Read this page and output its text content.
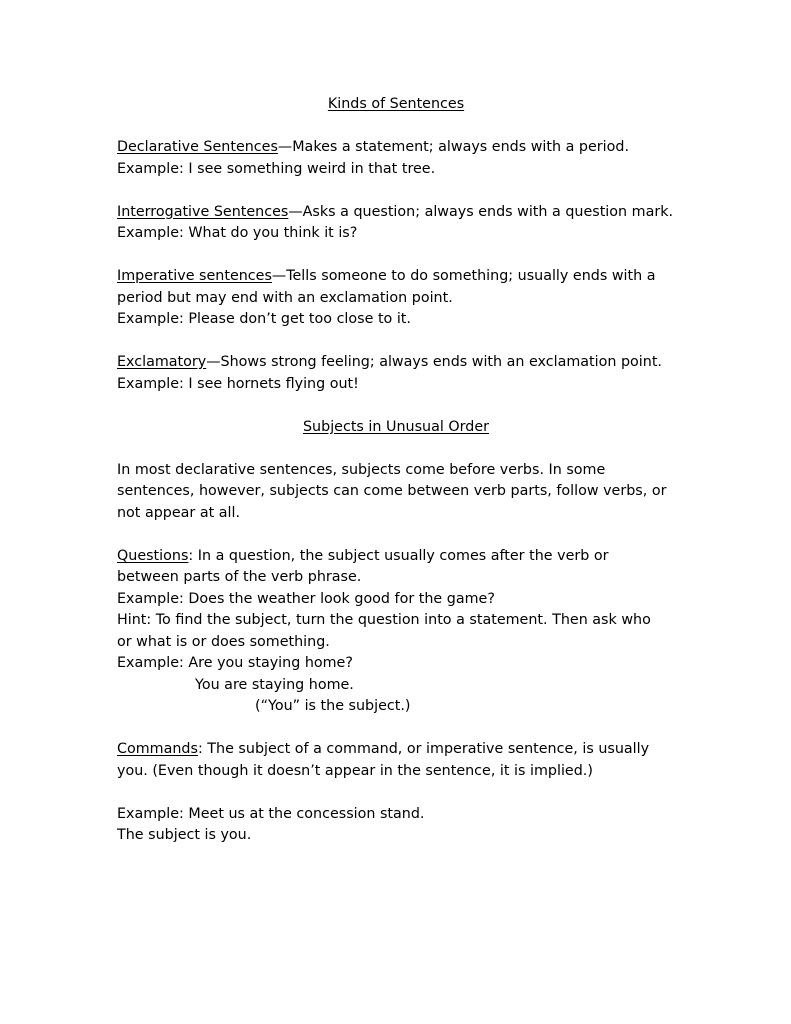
Kinds of Sentences
Declarative Sentences—Makes a statement; always ends with a period.
Example: I see something weird in that tree.
Interrogative Sentences—Asks a question; always ends with a question mark.
Example: What do you think it is?
Imperative sentences—Tells someone to do something; usually ends with a
period but may end with an exclamation point.
Example: Please don’t get too close to it.
Exclamatory—Shows strong feeling; always ends with an exclamation point.
Example: I see hornets flying out!
Subjects in Unusual Order
In most declarative sentences, subjects come before verbs. In some
sentences, however, subjects can come between verb parts, follow verbs, or
not appear at all.
Questions: In a question, the subject usually comes after the verb or
between parts of the verb phrase.
Example: Does the weather look good for the game?
Hint: To find the subject, turn the question into a statement. Then ask who
or what is or does something.
Example: Are you staying home?
You are staying home.
(“You” is the subject.)
Commands: The subject of a command, or imperative sentence, is usually
you. (Even though it doesn’t appear in the sentence, it is implied.)
Example: Meet us at the concession stand.
The subject is you.
